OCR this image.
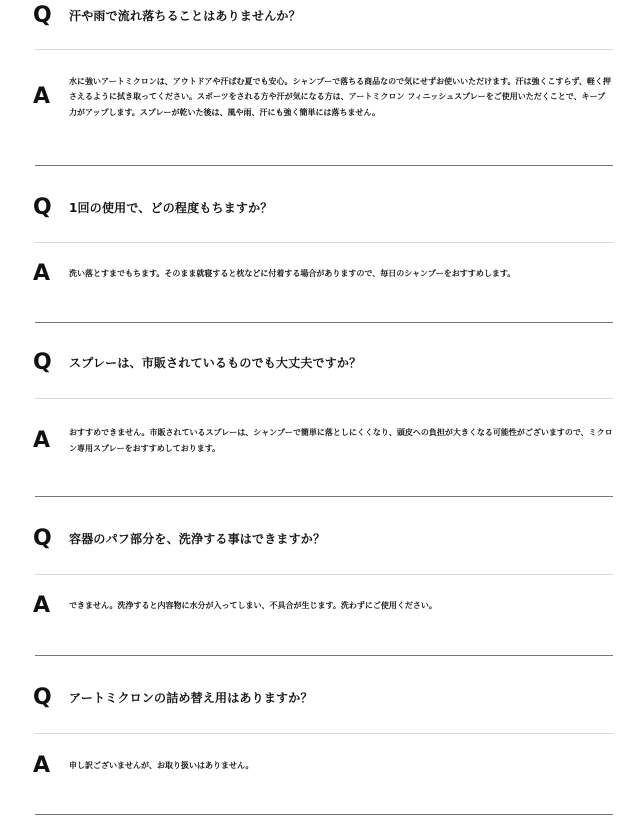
Q	汗や雨で流れ落ちることはありませんか？
A
水に強いアートミクロンは、アウトドアや汗ばむ夏でも安心。シャンプーで落ちる商品なので気にせずお使いいただけます。汗は強くこすらず、軽く押さえるように拭き取ってください。スポーツをされる方や汗が気になる方は、アートミクロン フィニッシュスプレーをご使用いただくことで、キープ力がアップします。スプレーが乾いた後は、風や雨、汗にも強く簡単には落ちません。
Q	1回の使用で、どの程度もちますか？
A	洗い落とすまでもちます。そのまま就寝すると枕などに付着する場合がありますので、毎日のシャンプーをおすすめします。
Q	スプレーは、市販されているものでも大丈夫ですか？
A	おすすめできません。市販されているスプレーは、シャンプーで簡単に落としにくくなり、頭皮への負担が大きくなる可能性がございますので、ミクロン専用スプレーをおすすめしております。
Q	容器のパフ部分を、洗浄する事はできますか？
A	できません。洗浄すると内容物に水分が入ってしまい、不具合が生じます。洗わずにご使用ください。
Q	アートミクロンの詰め替え用はありますか？
A	申し訳ございませんが、お取り扱いはありません。
